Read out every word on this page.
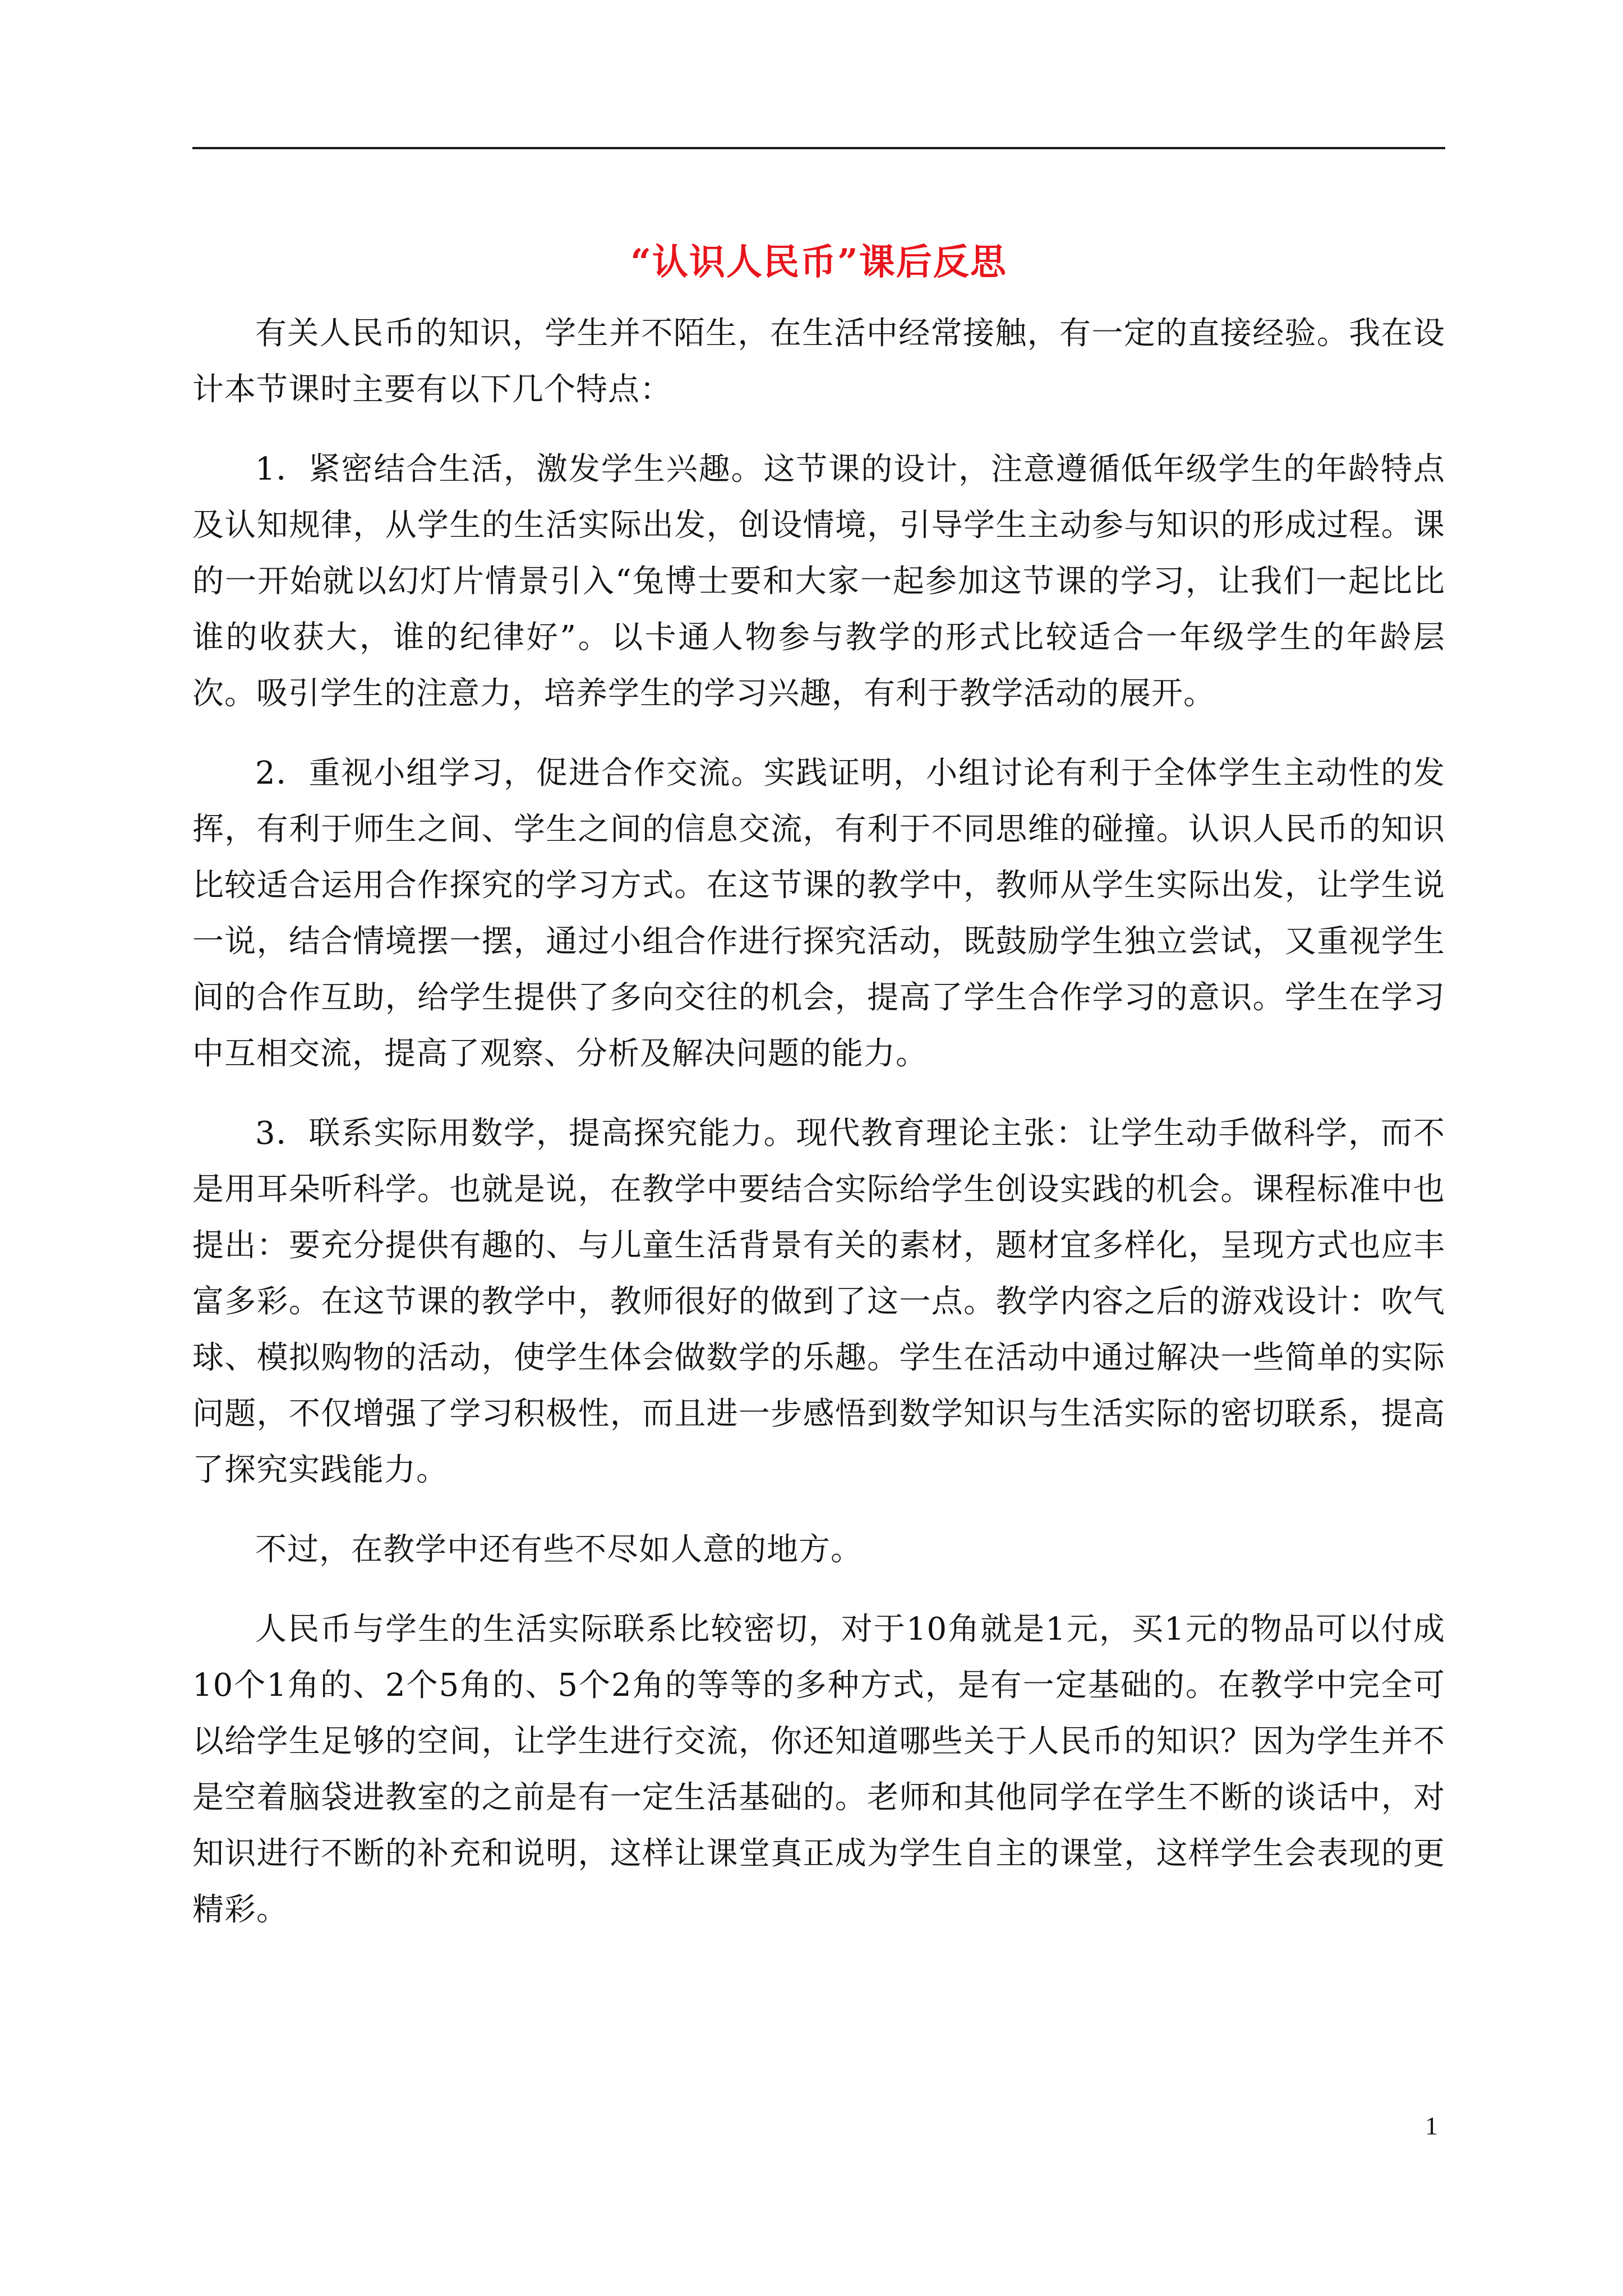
“认识人民币”课后反思

有关人民币的知识，学生并不陌生，在生活中经常接触，有一定的直接经验。我在设计本节课时主要有以下几个特点：

1．紧密结合生活，激发学生兴趣。这节课的设计，注意遵循低年级学生的年龄特点及认知规律，从学生的生活实际出发，创设情境，引导学生主动参与知识的形成过程。课的一开始就以幻灯片情景引入“兔博士要和大家一起参加这节课的学习，让我们一起比比谁的收获大，谁的纪律好”。以卡通人物参与教学的形式比较适合一年级学生的年龄层次。吸引学生的注意力，培养学生的学习兴趣，有利于教学活动的展开。

2．重视小组学习，促进合作交流。实践证明，小组讨论有利于全体学生主动性的发挥，有利于师生之间、学生之间的信息交流，有利于不同思维的碰撞。认识人民币的知识比较适合运用合作探究的学习方式。在这节课的教学中，教师从学生实际出发，让学生说一说，结合情境摆一摆，通过小组合作进行探究活动，既鼓励学生独立尝试，又重视学生间的合作互助，给学生提供了多向交往的机会，提高了学生合作学习的意识。学生在学习中互相交流，提高了观察、分析及解决问题的能力。

3．联系实际用数学，提高探究能力。现代教育理论主张：让学生动手做科学，而不是用耳朵听科学。也就是说，在教学中要结合实际给学生创设实践的机会。课程标准中也提出：要充分提供有趣的、与儿童生活背景有关的素材，题材宜多样化，呈现方式也应丰富多彩。在这节课的教学中，教师很好的做到了这一点。教学内容之后的游戏设计：吹气球、模拟购物的活动，使学生体会做数学的乐趣。学生在活动中通过解决一些简单的实际问题，不仅增强了学习积极性，而且进一步感悟到数学知识与生活实际的密切联系，提高了探究实践能力。

不过，在教学中还有些不尽如人意的地方。

人民币与学生的生活实际联系比较密切，对于10角就是1元，买1元的物品可以付成10个1角的、2个5角的、5个2角的等等的多种方式，是有一定基础的。在教学中完全可以给学生足够的空间，让学生进行交流，你还知道哪些关于人民币的知识？因为学生并不是空着脑袋进教室的之前是有一定生活基础的。老师和其他同学在学生不断的谈话中，对知识进行不断的补充和说明，这样让课堂真正成为学生自主的课堂，这样学生会表现的更精彩。

1
